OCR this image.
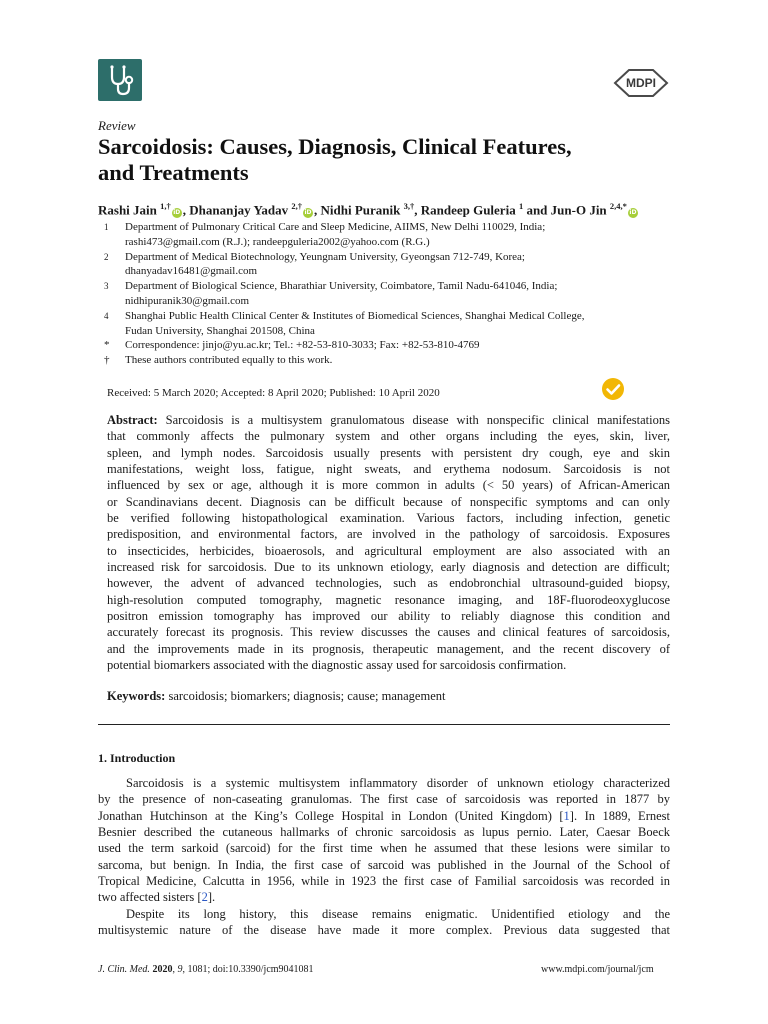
MDPI
Review
Sarcoidosis: Causes, Diagnosis, Clinical Features,
and Treatments
Rashi Jain $^{1,\dagger}$iD , Dhananjay Yadav $^{2,\dagger}$iD , Nidhi Puranik $^{3,\dagger}$, Randeep Guleria $^1$ and Jun-O Jin $^{2,4,*}$iD
1	Department of Pulmonary Critical Care and Sleep Medicine, AIIMS, New Delhi 110029, India;
rashi473@gmail.com (R.J.); randeepguleria2002@yahoo.com (R.G.)
2	Department of Medical Biotechnology, Yeungnam University, Gyeongsan 712-749, Korea;
dhanyadav16481@gmail.com
3	Department of Biological Science, Bharathiar University, Coimbatore, Tamil Nadu-641046, India;
nidhipuranik30@gmail.com
4	Shanghai Public Health Clinical Center & Institutes of Biomedical Sciences, Shanghai Medical College,
Fudan University, Shanghai 201508, China
*	Correspondence: jinjo@yu.ac.kr; Tel.: +82-53-810-3033; Fax: +82-53-810-4769
†	These authors contributed equally to this work.
Received: 5 March 2020; Accepted: 8 April 2020; Published: 10 April 2020
Abstract: Sarcoidosis is a multisystem granulomatous disease with nonspecific clinical manifestations
that commonly affects the pulmonary system and other organs including the eyes, skin, liver,
spleen, and lymph nodes. Sarcoidosis usually presents with persistent dry cough, eye and skin
manifestations, weight loss, fatigue, night sweats, and erythema nodosum. Sarcoidosis is not
influenced by sex or age, although it is more common in adults (< 50 years) of African-American
or Scandinavians decent. Diagnosis can be difficult because of nonspecific symptoms and can only
be verified following histopathological examination. Various factors, including infection, genetic
predisposition, and environmental factors, are involved in the pathology of sarcoidosis. Exposures
to insecticides, herbicides, bioaerosols, and agricultural employment are also associated with an
increased risk for sarcoidosis. Due to its unknown etiology, early diagnosis and detection are difficult;
however, the advent of advanced technologies, such as endobronchial ultrasound-guided biopsy,
high-resolution computed tomography, magnetic resonance imaging, and 18F-fluorodeoxyglucose
positron emission tomography has improved our ability to reliably diagnose this condition and
accurately forecast its prognosis. This review discusses the causes and clinical features of sarcoidosis,
and the improvements made in its prognosis, therapeutic management, and the recent discovery of
potential biomarkers associated with the diagnostic assay used for sarcoidosis confirmation.
Keywords: sarcoidosis; biomarkers; diagnosis; cause; management
1. Introduction
Sarcoidosis is a systemic multisystem inflammatory disorder of unknown etiology characterized
by the presence of non-caseating granulomas. The first case of sarcoidosis was reported in 1877 by
Jonathan Hutchinson at the King’s College Hospital in London (United Kingdom) [1]. In 1889, Ernest
Besnier described the cutaneous hallmarks of chronic sarcoidosis as lupus pernio. Later, Caesar Boeck
used the term sarkoid (sarcoid) for the first time when he assumed that these lesions were similar to
sarcoma, but benign. In India, the first case of sarcoid was published in the Journal of the School of
Tropical Medicine, Calcutta in 1956, while in 1923 the first case of Familial sarcoidosis was recorded in
two affected sisters [2].
Despite its long history, this disease remains enigmatic. Unidentified etiology and the
multisystemic nature of the disease have made it more complex. Previous data suggested that
J. Clin. Med. 2020, 9, 1081; doi:10.3390/jcm9041081	www.mdpi.com/journal/jcm
